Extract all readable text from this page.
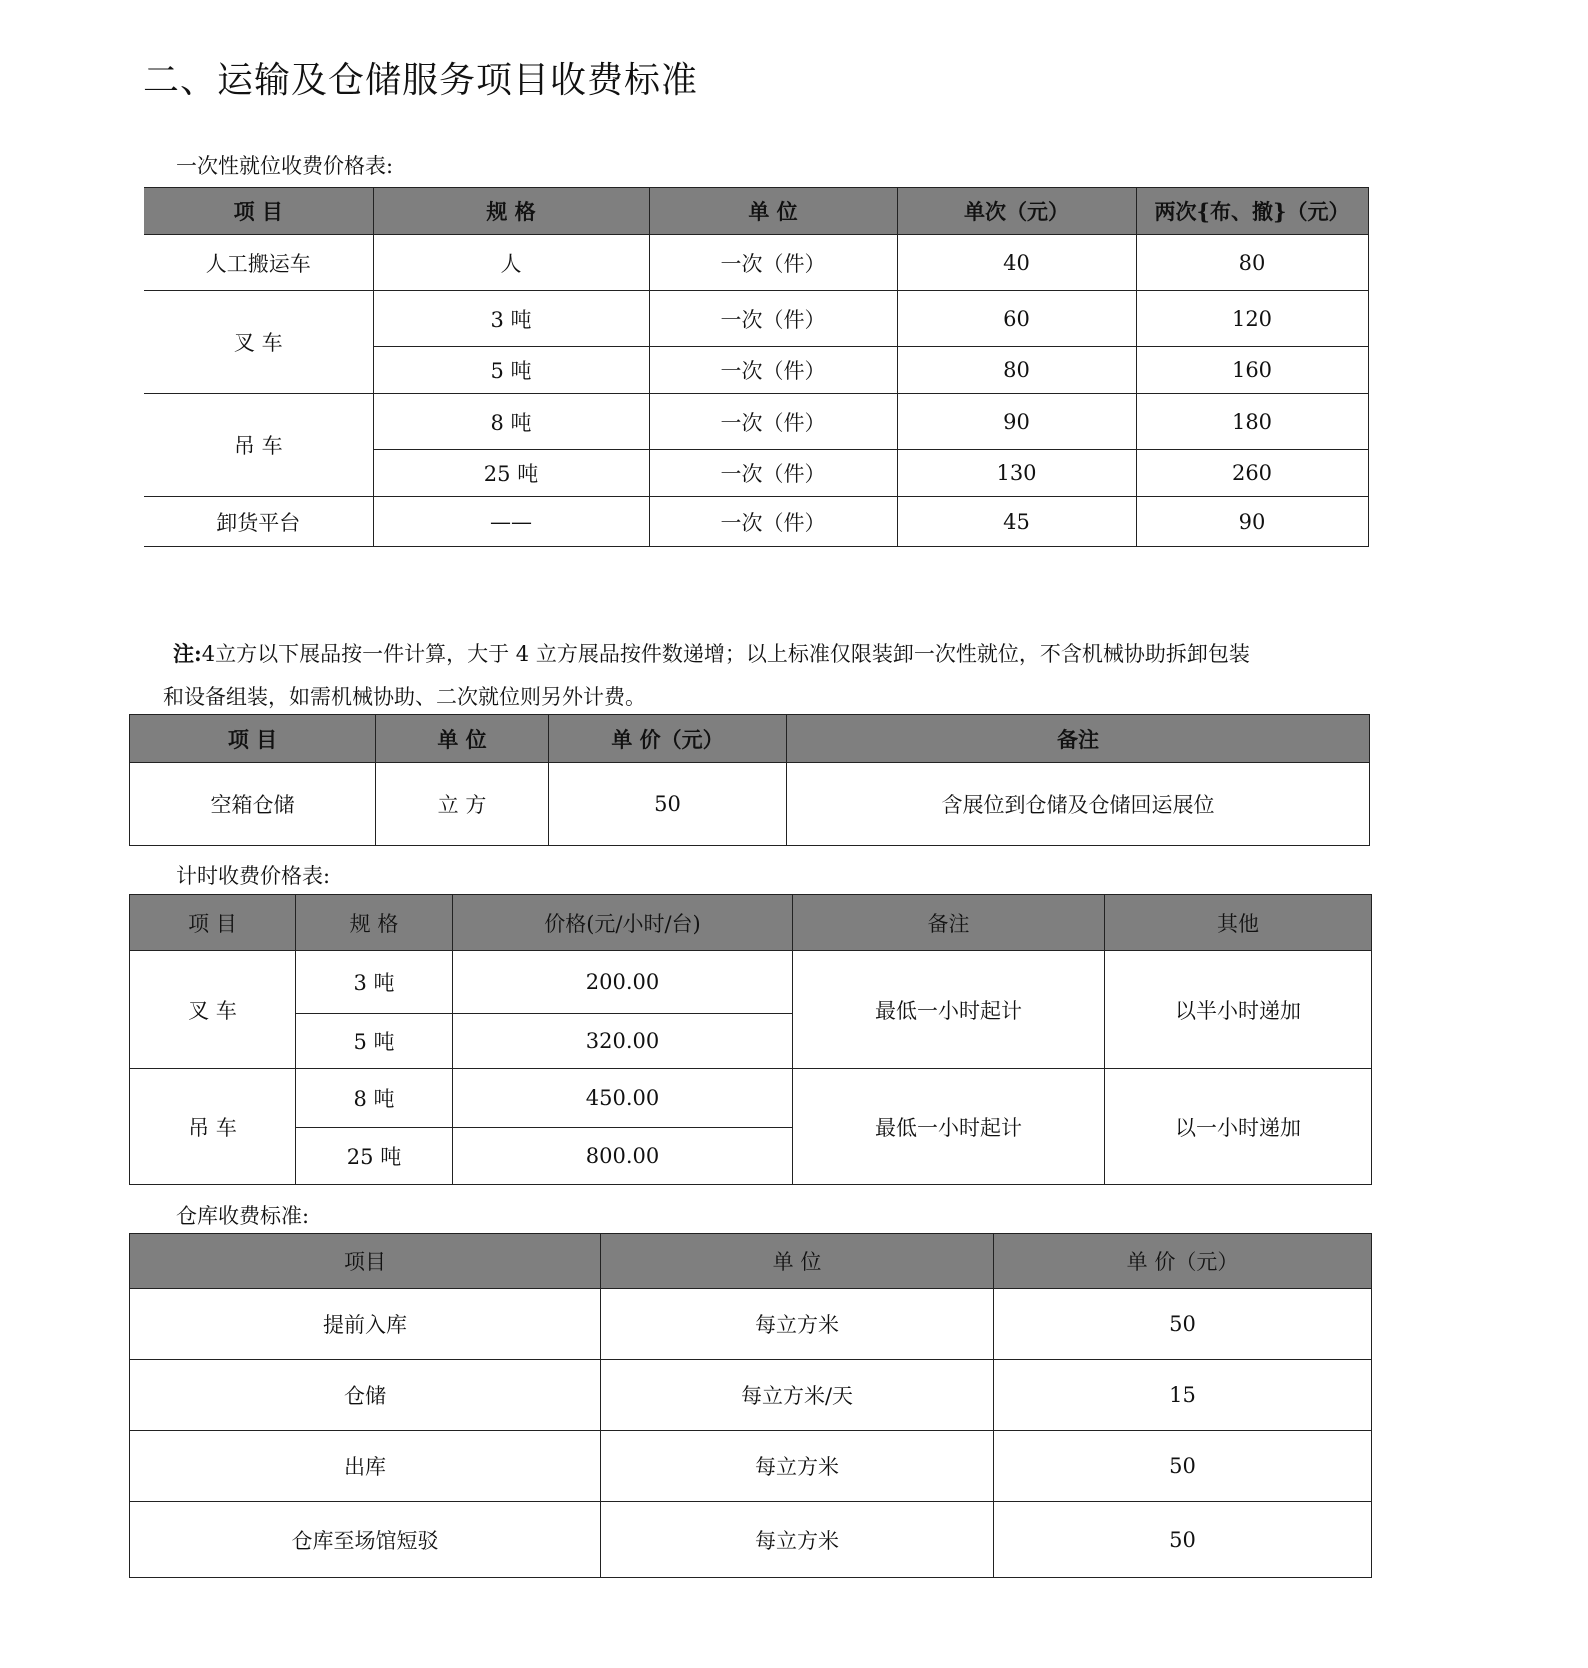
二、运输及仓储服务项目收费标准
一次性就位收费价格表:
项 目	规 格	单 位	单次（元）	两次{布、撤}（元）
人工搬运车	人	一次（件）	40	80
叉 车	3 吨	一次（件）	60	120
	5 吨	一次（件）	80	160
吊 车	8 吨	一次（件）	90	180
	25 吨	一次（件）	130	260
卸货平台	——	一次（件）	45	90
注:4立方以下展品按一件计算，大于 4 立方展品按件数递增；以上标准仅限装卸一次性就位，不含机械协助拆卸包装
和设备组装，如需机械协助、二次就位则另外计费。
项 目	单 位	单 价（元）	备注
空箱仓储	立 方	50	含展位到仓储及仓储回运展位
计时收费价格表:
项 目	规 格	价格(元/小时/台)	备注	其他
叉 车	3 吨	200.00	最低一小时起计	以半小时递加
	5 吨	320.00		
吊 车	8 吨	450.00	最低一小时起计	以一小时递加
	25 吨	800.00		
仓库收费标准:
项目	单 位	单 价（元）
提前入库	每立方米	50
仓储	每立方米/天	15
出库	每立方米	50
仓库至场馆短驳	每立方米	50
